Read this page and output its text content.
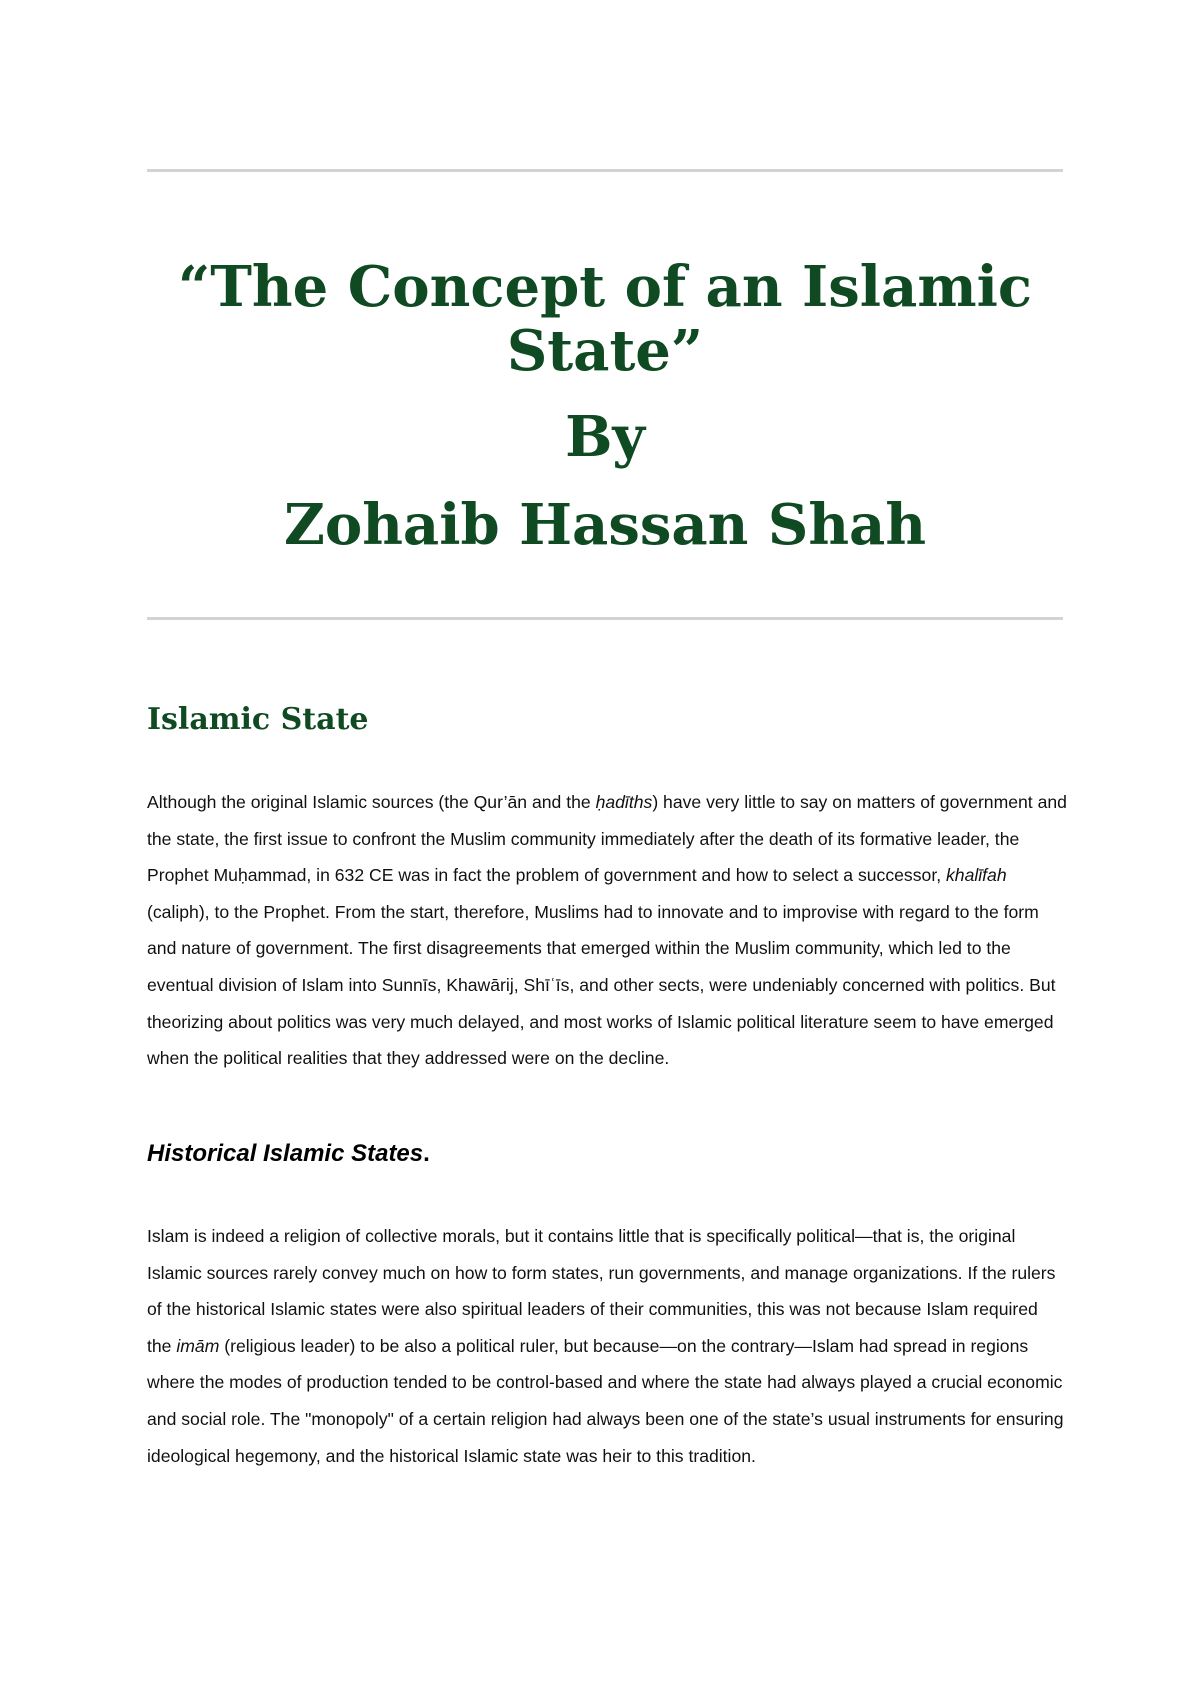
“The Concept of an Islamic

State”

By

Zohaib Hassan Shah

Islamic State

Although the original Islamic sources (the Qur’ān and the ḥadīths) have very little to say on matters of government and the state, the first issue to confront the Muslim community immediately after the death of its formative leader, the Prophet Muḥammad, in 632 CE was in fact the problem of government and how to select a successor, khalīfah (caliph), to the Prophet. From the start, therefore, Muslims had to innovate and to improvise with regard to the form and nature of government. The first disagreements that emerged within the Muslim community, which led to the eventual division of Islam into Sunnīs, Khawārij, Shīʿīs, and other sects, were undeniably concerned with politics. But theorizing about politics was very much delayed, and most works of Islamic political literature seem to have emerged when the political realities that they addressed were on the decline.

Historical Islamic States.

Islam is indeed a religion of collective morals, but it contains little that is specifically political—that is, the original Islamic sources rarely convey much on how to form states, run governments, and manage organizations. If the rulers of the historical Islamic states were also spiritual leaders of their communities, this was not because Islam required the imām (religious leader) to be also a political ruler, but because—on the contrary—Islam had spread in regions where the modes of production tended to be control-based and where the state had always played a crucial economic and social role. The "monopoly" of a certain religion had always been one of the state’s usual instruments for ensuring ideological hegemony, and the historical Islamic state was heir to this tradition.
